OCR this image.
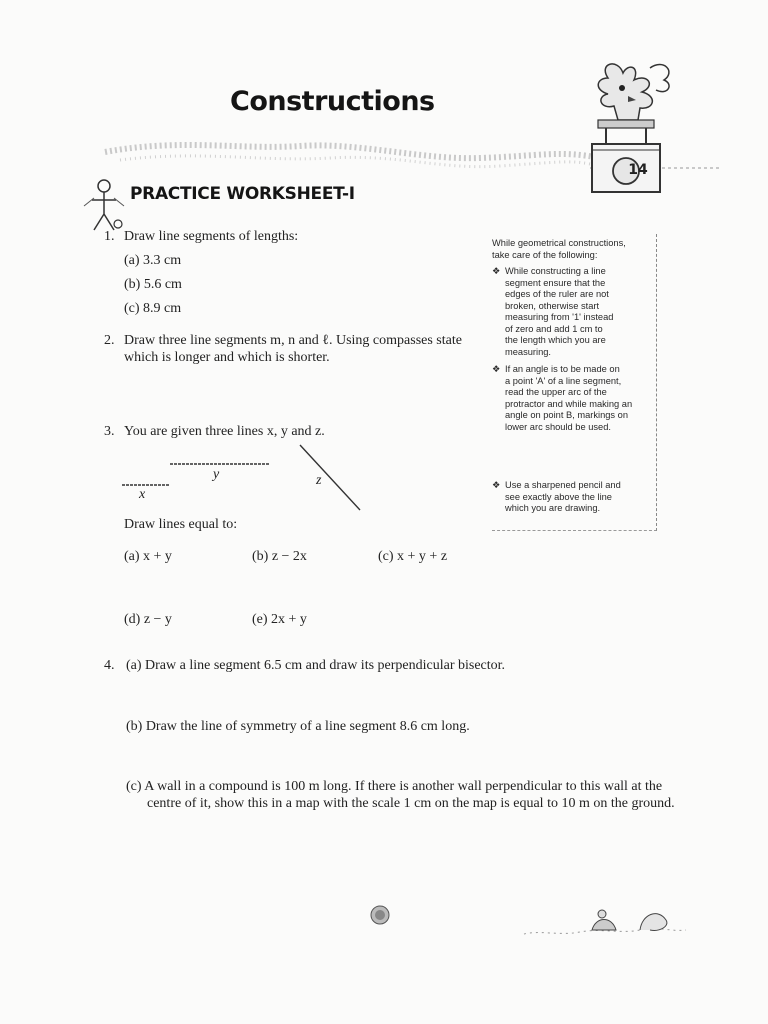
14
Constructions
PRACTICE WORKSHEET-I
1. Draw line segments of lengths:
(a) 3.3 cm
(b) 5.6 cm
(c) 8.9 cm
2. Draw three line segments m, n and ℓ. Using compasses state
which is longer and which is shorter.
3. You are given three lines x, y and z.
y
x
z
Draw lines equal to:
(a) x + y	(b) z − 2x	(c) x + y + z
(d) z − y	(e) 2x + y
4. (a) Draw a line segment 6.5 cm and draw its perpendicular bisector.
(b) Draw the line of symmetry of a line segment 8.6 cm long.
(c) A wall in a compound is 100 m long. If there is another wall perpendicular to this wall at the
centre of it, show this in a map with the scale 1 cm on the map is equal to 10 m on the ground.
While geometrical constructions,
take care of the following:
❖ While constructing a line
segment ensure that the
edges of the ruler are not
broken, otherwise start
measuring from '1' instead
of zero and add 1 cm to
the length which you are
measuring.
❖ If an angle is to be made on
a point 'A' of a line segment,
read the upper arc of the
protractor and while making an
angle on point B, markings on
lower arc should be used.
❖ Use a sharpened pencil and
see exactly above the line
which you are drawing.
